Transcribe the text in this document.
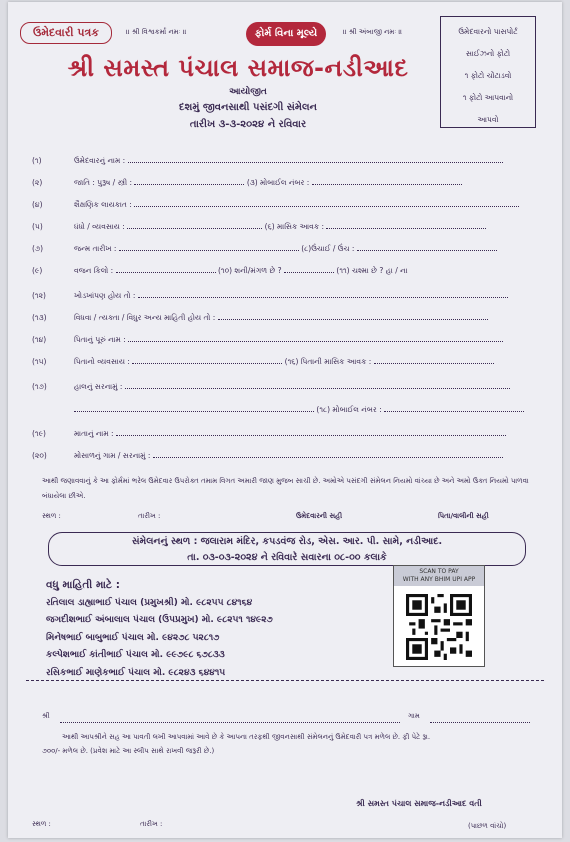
ઉમેદવારી પત્રક	॥ શ્રી વિશ્વકર્મા નમઃ ॥	ફોર્મ વિના મૂલ્યે	॥ શ્રી અંબાજી નમઃ ॥	ઉમેદવારનો પાસપોર્ટ
સાઈઝનો ફોટો
૧ ફોટો ચોંટાડવો
૧ ફોટો આપવાનો
આપવો
શ્રી સમસ્ત પંચાલ સમાજ-નડીઆદ
આયોજીત
દશમું જીવનસાથી પસંદગી સંમેલન
તારીખ ૩-૩-૨૦૨૪ ને રવિવાર
(૧)	ઉમેદવારનું નામ :
(૨)	જાતિ : પુરૂષ / સ્ત્રી :	(૩) મોબાઈલ નંબર :
(૪)	શૈક્ષણિક લાયકાત :
(૫)	ધંધો / વ્યવસાય :	(૬) માસિક આવક :
(૭)	જન્મ તારીખ :	(૮)ઉંચાઈ / ઉંચ :
(૯)	વજન કિલો :	(૧૦) શની/મંગળ છે ?	(૧૧) ચશ્મા છે ? હા / ના
(૧૨)	ખોડખાંપણ હોય તો :
(૧૩)	વિધવા / ત્યક્તા / વિધુર અન્ય માહિતી હોય તો :
(૧૪)	પિતાનું પૂરું નામ :
(૧૫)	પિતાનો વ્યવસાય :	(૧૬) પિતાની માસિક આવક :
(૧૭)	હાલનું સરનામું :
(૧૮) મોબાઈલ નંબર :
(૧૯)	માતાનું નામ :
(૨૦)	મોસાળનું ગામ / સરનામું :
આથી જણાવવાનું કે આ ફોર્મમાં ભરેલ ઉમેદવાર ઉપરોક્ત તમામ વિગત અમારી જાણ મુજબ સાચી છે. અમોએ પસંદગી સંમેલન નિયમો વાંચ્યા છે અને અમો ઉક્ત નિયમો પાળવા બંધાયેલા છીએ.
સ્થળ :	તારીખ :	ઉમેદવારની સહી	પિતા/વાલીની સહી
સંમેલનનું સ્થળ : જલારામ મંદિર, કપડવંજ રોડ, એસ. આર. પી. સામે, નડીઆદ.
તા. ૦૩-૦૩-૨૦૨૪ ને રવિવારે સવારના ૦૮-૦૦ કલાકે
વધુ માહિતી માટે :
રતિલાલ ડાહ્યાભાઈ પંચાલ (પ્રમુખશ્રી) મો. ૯૮૨૫૫ ૮૪૧૬૪
જગદીશભાઈ અંબાલાલ પંચાલ (ઉપપ્રમુખ) મો. ૯૮૨૫૧ ૧૪૯૨૭
મિનેષભાઈ બાબુભાઈ પંચાલ મો. ૯૪૨૭૮ ૫૨૮૧૭
કલ્પેશભાઈ કાંતીભાઈ પંચાલ મો. ૯૯૭૯૮ ૬૭૮૩૩
રસિકભાઈ માણેકભાઈ પંચાલ મો. ૯૮૨૪૩ ૬૪૪૧૫
SCAN TO PAY
WITH ANY BHIM UPI APP
શ્રી	ગામ
આથી આપશ્રીને સહ આ પાવતી લખી આપવામાં આવે છે કે આપના તરફથી જીવનસાથી સંમેલનનું ઉમેદવારી પત્ર મળેલ છે. ફી પેટે રૂા.
૭૦૦/- મળેલ છે. (પ્રવેશ માટે આ સ્લીપ સાથે રાખવી જરૂરી છે.)
શ્રી સમસ્ત પંચાલ સમાજ-નડીઆદ વતી
સ્થળ :	તારીખ :	(પાછળ વાંચો)
